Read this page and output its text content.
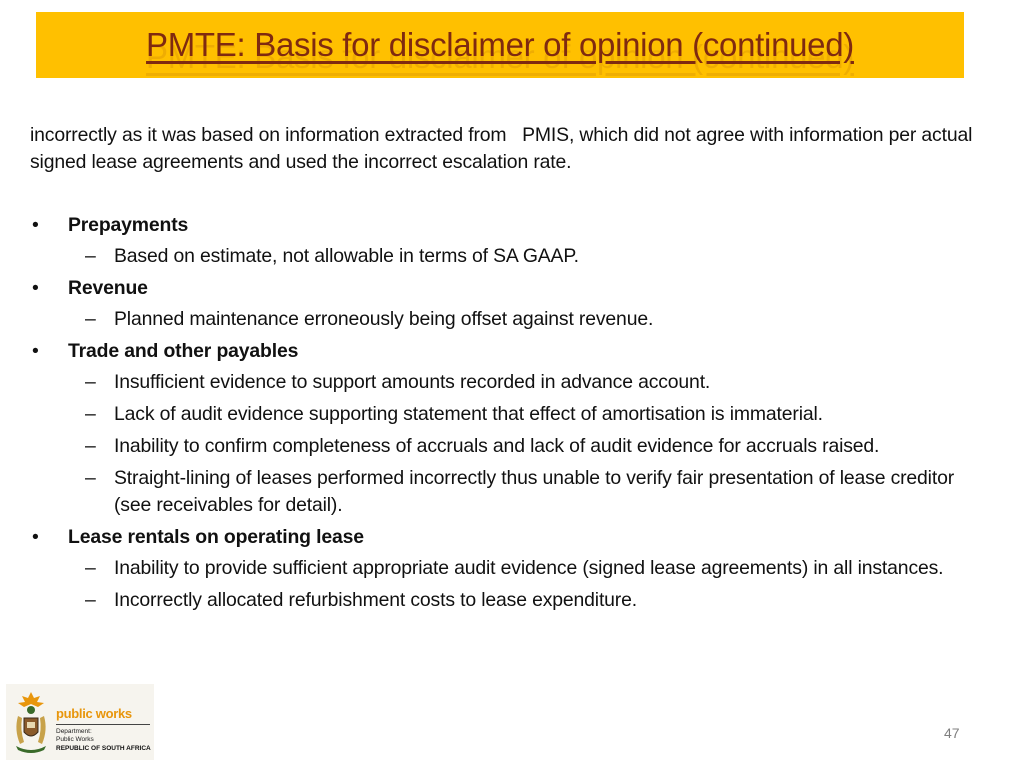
PMTE: Basis for disclaimer of opinion (continued)

incorrectly as it was based on information extracted from   PMIS, which did not agree with information per actual signed lease agreements and used the incorrect escalation rate.

• Prepayments
– Based on estimate, not allowable in terms of SA GAAP.
• Revenue
– Planned maintenance erroneously being offset against revenue.
• Trade and other payables
– Insufficient evidence to support amounts recorded in advance account.
– Lack of audit evidence supporting statement that effect of amortisation is immaterial.
– Inability to confirm completeness of accruals and lack of audit evidence for accruals raised.
– Straight-lining of leases performed incorrectly thus unable to verify fair presentation of lease creditor (see receivables for detail).
• Lease rentals on operating lease
– Inability to provide sufficient appropriate audit evidence (signed lease agreements) in all instances.
– Incorrectly allocated refurbishment costs to lease expenditure.
public works
Department:
Public Works
REPUBLIC OF SOUTH AFRICA
47
